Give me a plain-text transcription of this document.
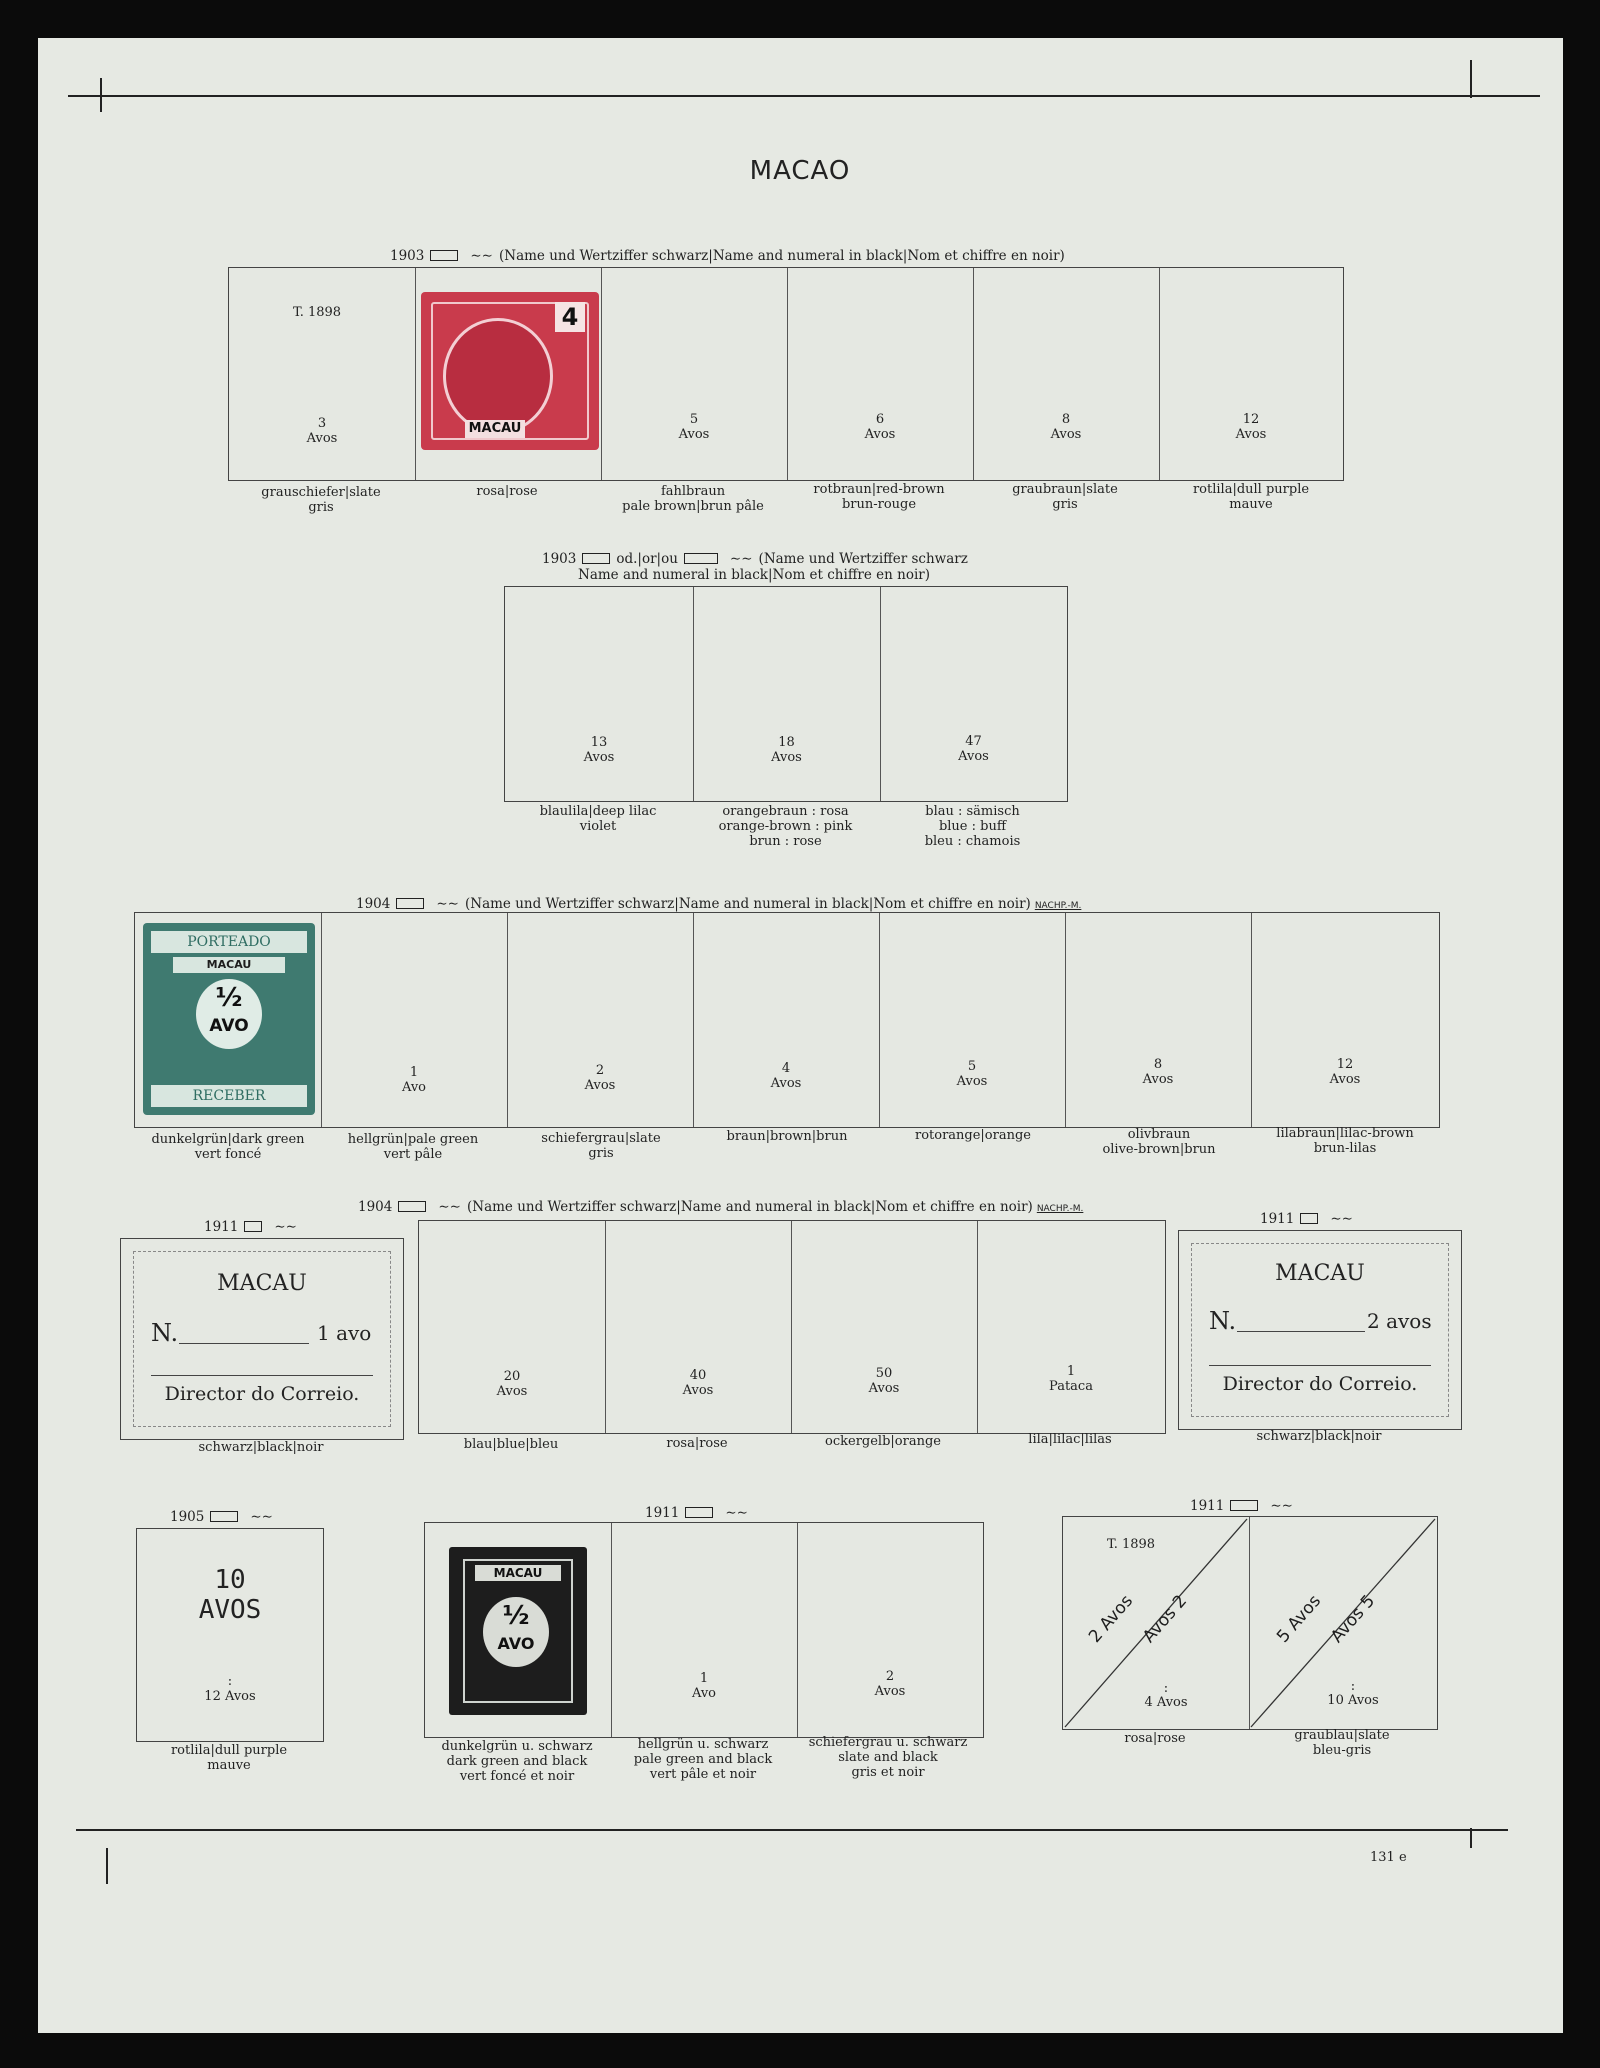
MACAO
1903	∼∼ (Name und Wertziffer schwarz|Name and numeral in black|Nom et chiffre en noir)
T. 1898
3
Avos
4
MACAU
5
Avos
6
Avos
8
Avos
12
Avos
grauschiefer|slate
gris
rosa|rose	fahlbraun
pale brown|brun pâle
rotbraun|red-brown
brun-rouge
graubraun|slate
gris
rotlila|dull purple
mauve
1903	od.|or|ou	∼∼ (Name und Wertziffer schwarz
Name and numeral in black|Nom et chiffre en noir)
13
Avos
18
Avos
47
Avos
blaulila|deep lilac
violet
orangebraun : rosa
orange-brown : pink
brun : rose
blau : sämisch
blue : buff
bleu : chamois
1904	∼∼ (Name und Wertziffer schwarz|Name and numeral in black|Nom et chiffre en noir) NACHP.-M.
PORTEADO
MACAU
½
AVO
RECEBER
1
Avo
2
Avos
4
Avos
5
Avos
8
Avos
12
Avos
dunkelgrün|dark green
vert foncé
hellgrün|pale green
vert pâle
schiefergrau|slate
gris
braun|brown|brun	rotorange|orange	olivbraun
olive-brown|brun
lilabraun|lilac-brown
brun-lilas
1904	∼∼ (Name und Wertziffer schwarz|Name and numeral in black|Nom et chiffre en noir) NACHP.-M.
1911	∼∼
MACAU
N.	1 avo
Director do Correio.
schwarz|black|noir
20
Avos
40
Avos
50
Avos
1
Pataca
blau|blue|bleu	rosa|rose	ockergelb|orange	lila|lilac|lilas
1911	∼∼
MACAU
N.	2 avos
Director do Correio.
schwarz|black|noir
1905	∼∼
10
AVOS
:
12 Avos
rotlila|dull purple
mauve
1911	∼∼
MACAU
½
AVO
1
Avo
2
Avos
dunkelgrün u. schwarz
dark green and black
vert foncé et noir
hellgrün u. schwarz
pale green and black
vert pâle et noir
schiefergrau u. schwarz
slate and black
gris et noir
1911	∼∼
T. 1898
2 Avos Avos 2
:
4 Avos
5 Avos Avos 5
:
10 Avos
rosa|rose	graublau|slate
bleu-gris
131 e
